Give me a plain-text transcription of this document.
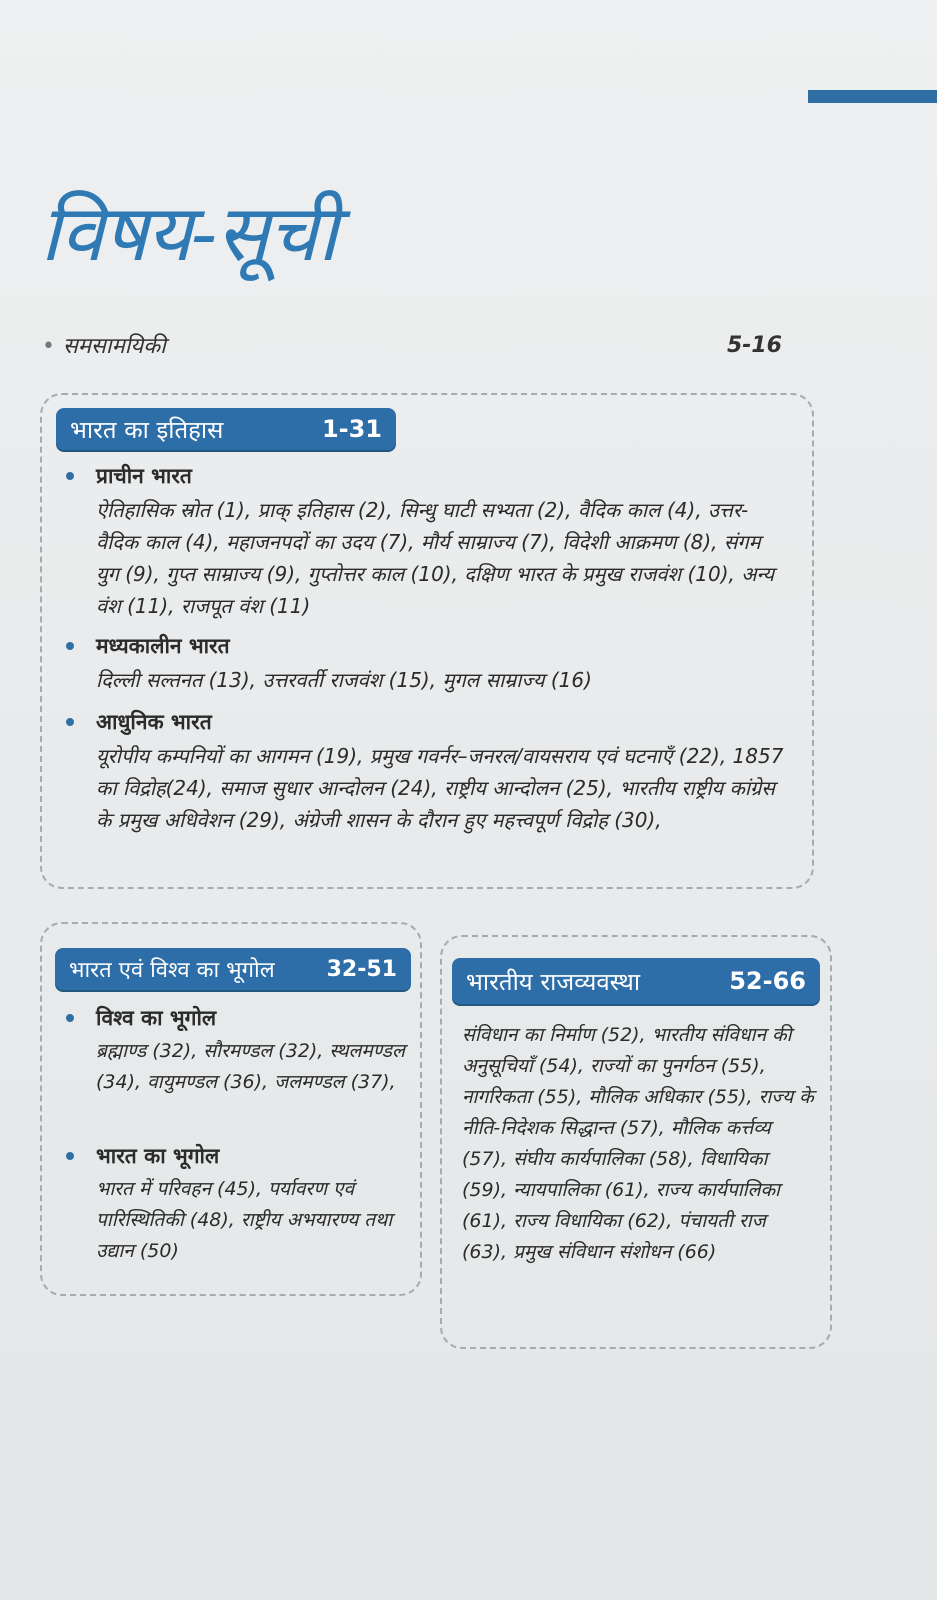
विषय-सूची
• समसामयिकी	5-16
भारत का इतिहास	1-31
प्राचीन भारत
ऐतिहासिक स्रोत (1), प्राक् इतिहास (2), सिन्धु घाटी सभ्यता (2), वैदिक काल (4), उत्तर-वैदिक काल (4), महाजनपदों का उदय (7), मौर्य साम्राज्य (7), विदेशी आक्रमण (8), संगम युग (9), गुप्त साम्राज्य (9), गुप्तोत्तर काल (10), दक्षिण भारत के प्रमुख राजवंश (10), अन्य वंश (11), राजपूत वंश (11)
मध्यकालीन भारत
दिल्ली सल्तनत (13), उत्तरवर्ती राजवंश (15), मुगल साम्राज्य (16)
आधुनिक भारत
यूरोपीय कम्पनियों का आगमन (19), प्रमुख गवर्नर–जनरल/वायसराय एवं घटनाएँ (22), 1857 का विद्रोह(24), समाज सुधार आन्दोलन (24), राष्ट्रीय आन्दोलन (25), भारतीय राष्ट्रीय कांग्रेस के प्रमुख अधिवेशन (29), अंग्रेजी शासन के दौरान हुए महत्त्वपूर्ण विद्रोह (30),
भारत एवं विश्व का भूगोल 32-51
विश्व का भूगोल
ब्रह्माण्ड (32), सौरमण्डल (32), स्थलमण्डल (34), वायुमण्डल (36), जलमण्डल (37),
भारत का भूगोल
भारत में परिवहन (45), पर्यावरण एवं पारिस्थितिकी (48), राष्ट्रीय अभयारण्य तथा उद्यान (50)
भारतीय राजव्यवस्था	52-66
संविधान का निर्माण (52), भारतीय संविधान की अनुसूचियाँ (54), राज्यों का पुनर्गठन (55), नागरिकता (55), मौलिक अधिकार (55), राज्य के नीति-निदेशक सिद्धान्त (57), मौलिक कर्त्तव्य (57), संघीय कार्यपालिका (58), विधायिका (59), न्यायपालिका (61), राज्य कार्यपालिका (61), राज्य विधायिका (62), पंचायती राज (63), प्रमुख संविधान संशोधन (66)
